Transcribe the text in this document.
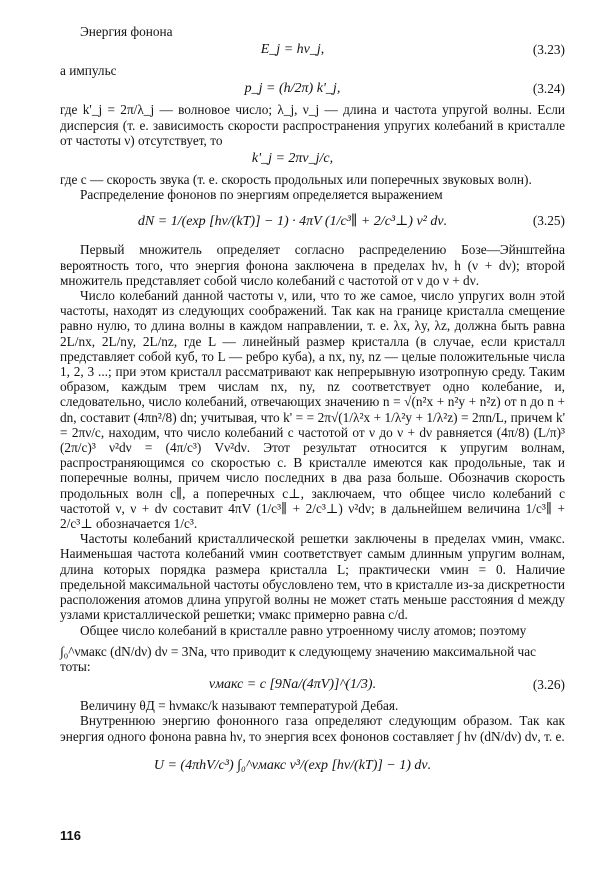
Энергия фонона

E_j = hν_j,	(3.23)

а импульс

p_j = (h/2π) k'_j,	(3.24)

где k'_j = 2π/λ_j — волновое число; λ_j, ν_j — длина и частота упругой волны. Если дисперсия (т. е. зависимость скорости распространения упругих колебаний в кристалле от частоты ν) отсутствует, то

k'_j = 2πν_j/c,

где c — скорость звука (т. е. скорость продольных или поперечных звуковых волн).

Распределение фононов по энергиям определяется выражением

dN = 1/(exp [hν/(kT)] − 1) · 4πV (1/c³∥ + 2/c³⊥) ν² dν.	(3.25)

Первый множитель определяет согласно распределению Бозе—Эйнштейна вероятность того, что энергия фонона заключена в пределах hν, h (ν + dν); второй множитель представляет собой число колебаний с частотой от ν до ν + dν.

Число колебаний данной частоты ν, или, что то же самое, число упругих волн этой частоты, находят из следующих соображений. Так как на границе кристалла смещение равно нулю, то длина волны в каждом направлении, т. е. λx, λy, λz, должна быть равна 2L/nx, 2L/ny, 2L/nz, где L — линейный размер кристалла (в случае, если кристалл представляет собой куб, то L — ребро куба), а nx, ny, nz — целые положительные числа 1, 2, 3 ...; при этом кристалл рассматривают как непрерывную изотропную среду. Таким образом, каждым трем числам nx, ny, nz соответствует одно колебание, и, следовательно, число колебаний, отвечающих значению n = √(n²x + n²y + n²z) от n до n + dn, составит (4πn²/8) dn; учитывая, что k' = = 2π√(1/λ²x + 1/λ²y + 1/λ²z) = 2πn/L, причем k' = 2πν/c, находим, что число колебаний с частотой от ν до ν + dν равняется (4π/8) (L/π)³ (2π/c)³ ν²dν = (4π/c³) Vν²dν. Этот результат относится к упругим волнам, распространяющимся со скоростью c. В кристалле имеются как продольные, так и поперечные волны, причем число последних в два раза больше. Обозначив скорость продольных волн c∥, а поперечных c⊥, заключаем, что общее число колебаний с частотой ν, ν + dν составит 4πV (1/c³∥ + 2/c³⊥) ν²dν; в дальнейшем величина 1/c³∥ + 2/c³⊥ обозначается 1/c³.

Частоты колебаний кристаллической решетки заключены в пределах νмин, νмакс. Наименьшая частота колебаний νмин соответствует самым длинным упругим волнам, длина которых порядка размера кристалла L; практически νмин = 0. Наличие предельной максимальной частоты обусловлено тем, что в кристалле из-за дискретности расположения атомов длина упругой волны не может стать меньше расстояния d между узлами кристаллической решетки; νмакс примерно равна c/d.

Общее число колебаний в кристалле равно утроенному числу атомов; поэтому

∫₀^νмакс (dN/dν) dν = 3Na, что приводит к следующему значению максимальной час

тоты:

νмакс = c [9Na/(4πV)]^(1/3).	(3.26)

Величину θД = hνмакс/k называют температурой Дебая.

Внутреннюю энергию фононного газа определяют следующим образом. Так как энергия одного фонона равна hν, то энергия всех фононов составляет ∫ hν (dN/dν) dν, т. е.

U = (4πhV/c³) ∫₀^νмакс ν³/(exp [hν/(kT)] − 1) dν.
116
